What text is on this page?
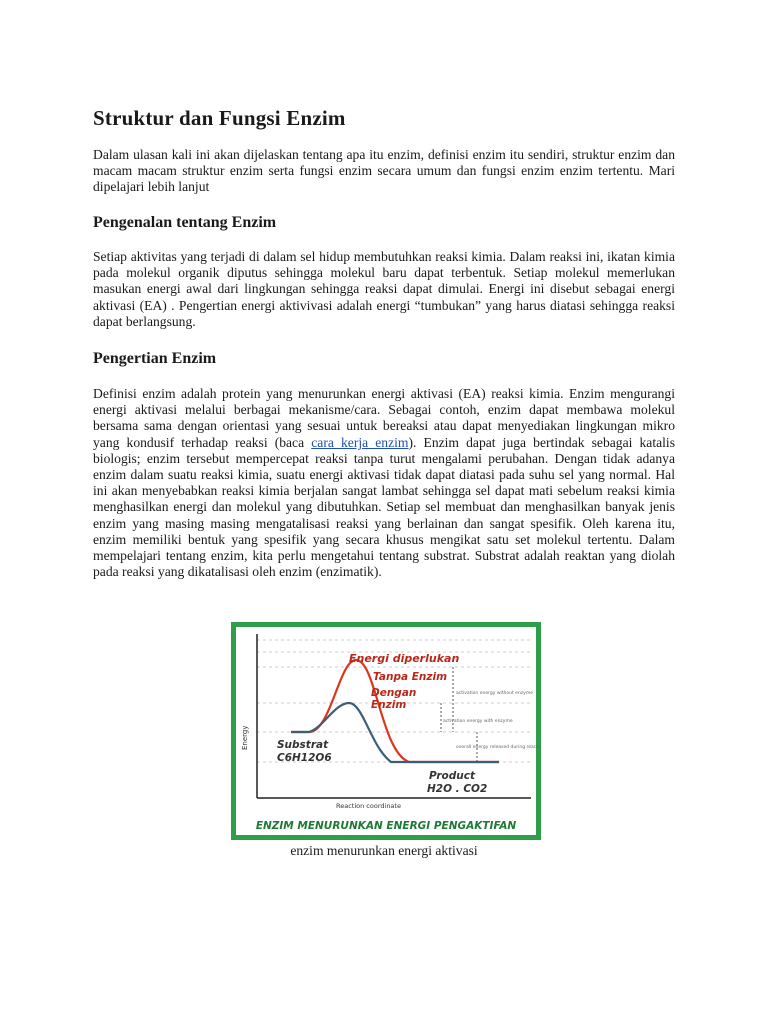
Struktur dan Fungsi Enzim

Dalam ulasan kali ini akan dijelaskan tentang apa itu enzim, definisi enzim itu sendiri, struktur enzim dan macam macam struktur enzim serta fungsi enzim secara umum dan fungsi enzim enzim tertentu. Mari dipelajari lebih lanjut

Pengenalan tentang Enzim

Setiap aktivitas yang terjadi di dalam sel hidup membutuhkan reaksi kimia. Dalam reaksi ini, ikatan kimia pada molekul organik diputus sehingga molekul baru dapat terbentuk. Setiap molekul memerlukan masukan energi awal dari lingkungan sehingga reaksi dapat dimulai. Energi ini disebut sebagai energi aktivasi (EA) . Pengertian energi aktivivasi adalah energi “tumbukan” yang harus diatasi sehingga reaksi dapat berlangsung.

Pengertian Enzim

Definisi enzim adalah protein yang menurunkan energi aktivasi (EA) reaksi kimia. Enzim mengurangi energi aktivasi melalui berbagai mekanisme/cara. Sebagai contoh, enzim dapat membawa molekul bersama sama dengan orientasi yang sesuai untuk bereaksi atau dapat menyediakan lingkungan mikro yang kondusif terhadap reaksi (baca cara kerja enzim). Enzim dapat juga bertindak sebagai katalis biologis; enzim tersebut mempercepat reaksi tanpa turut mengalami perubahan. Dengan tidak adanya enzim dalam suatu reaksi kimia, suatu energi aktivasi tidak dapat diatasi pada suhu sel yang normal. Hal ini akan menyebabkan reaksi kimia berjalan sangat lambat sehingga sel dapat mati sebelum reaksi kimia menghasilkan energi dan molekul yang dibutuhkan. Setiap sel membuat dan menghasilkan banyak jenis enzim yang masing masing mengatalisasi reaksi yang berlainan dan sangat spesifik. Oleh karena itu, enzim memiliki bentuk yang spesifik yang secara khusus mengikat satu set molekul tertentu. Dalam mempelajari tentang enzim, kita perlu mengetahui tentang substrat. Substrat adalah reaktan yang diolah pada reaksi yang dikatalisasi oleh enzim (enzimatik).

Energi diperlukan
Tanpa Enzim
Dengan
Enzim
Substrat
C6H12O6
Product
H2O . CO2
Energy
Reaction coordinate
activation energy without enzyme
activation energy with enzyme
overall energy released during reaction
ENZIM MENURUNKAN ENERGI PENGAKTIFAN

enzim menurunkan energi aktivasi
